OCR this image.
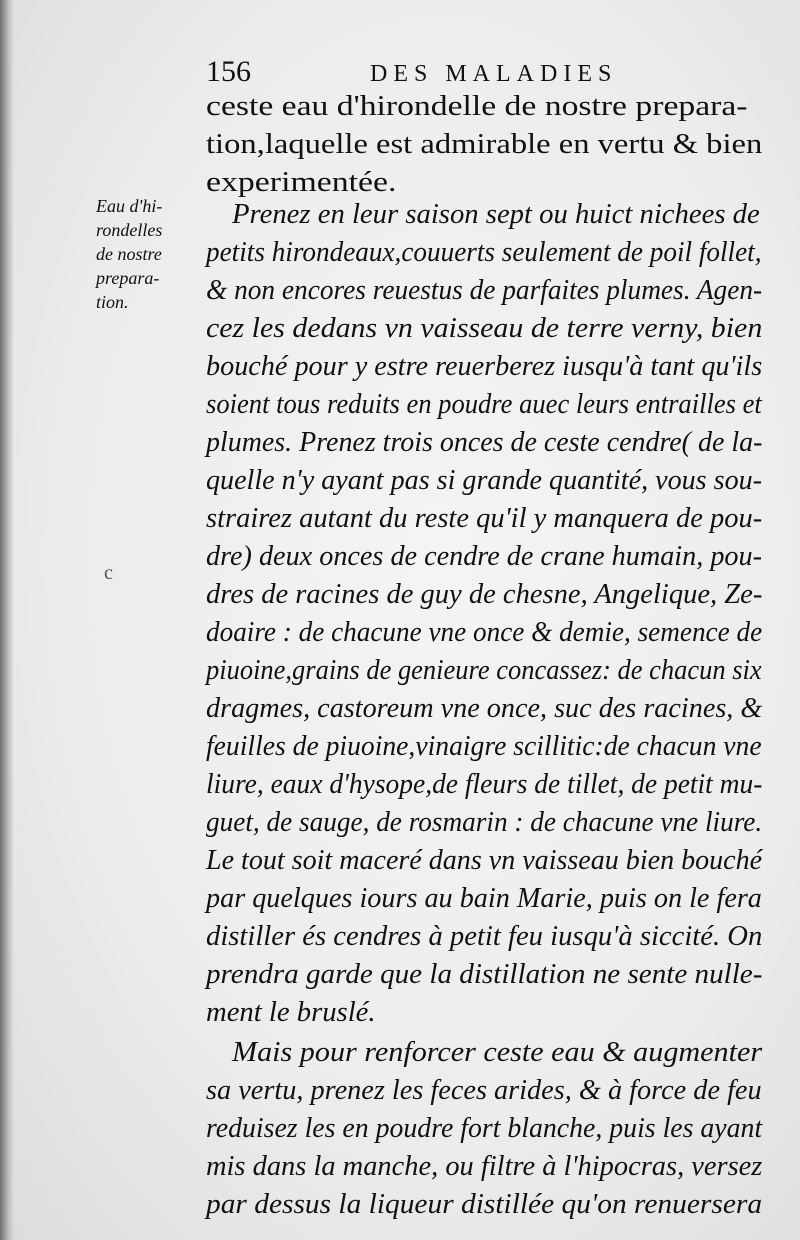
156	DES MALADIES
Eau d'hi-
rondelles
de nostre
prepara-
tion.
c
ceste eau d'hirondelle de nostre prepara-
tion,laquelle est admirable en vertu & bien
experimentée.
Prenez en leur saison sept ou huict nichees de
petits hirondeaux,couuerts seulement de poil follet,
& non encores reuestus de parfaites plumes. Agen-
cez les dedans vn vaisseau de terre verny, bien
bouché pour y estre reuerberez iusqu'à tant qu'ils
soient tous reduits en poudre auec leurs entrailles et
plumes. Prenez trois onces de ceste cendre( de la-
quelle n'y ayant pas si grande quantité, vous sou-
strairez autant du reste qu'il y manquera de pou-
dre) deux onces de cendre de crane humain, pou-
dres de racines de guy de chesne, Angelique, Ze-
doaire : de chacune vne once & demie, semence de
piuoine,grains de genieure concassez: de chacun six
dragmes, castoreum vne once, suc des racines, &
feuilles de piuoine,vinaigre scillitic:de chacun vne
liure, eaux d'hysope,de fleurs de tillet, de petit mu-
guet, de sauge, de rosmarin : de chacune vne liure.
Le tout soit maceré dans vn vaisseau bien bouché
par quelques iours au bain Marie, puis on le fera
distiller és cendres à petit feu iusqu'à siccité. On
prendra garde que la distillation ne sente nulle-
ment le bruslé.
Mais pour renforcer ceste eau & augmenter
sa vertu, prenez les feces arides, & à force de feu
reduisez les en poudre fort blanche, puis les ayant
mis dans la manche, ou filtre à l'hipocras, versez
par dessus la liqueur distillée qu'on renuersera
